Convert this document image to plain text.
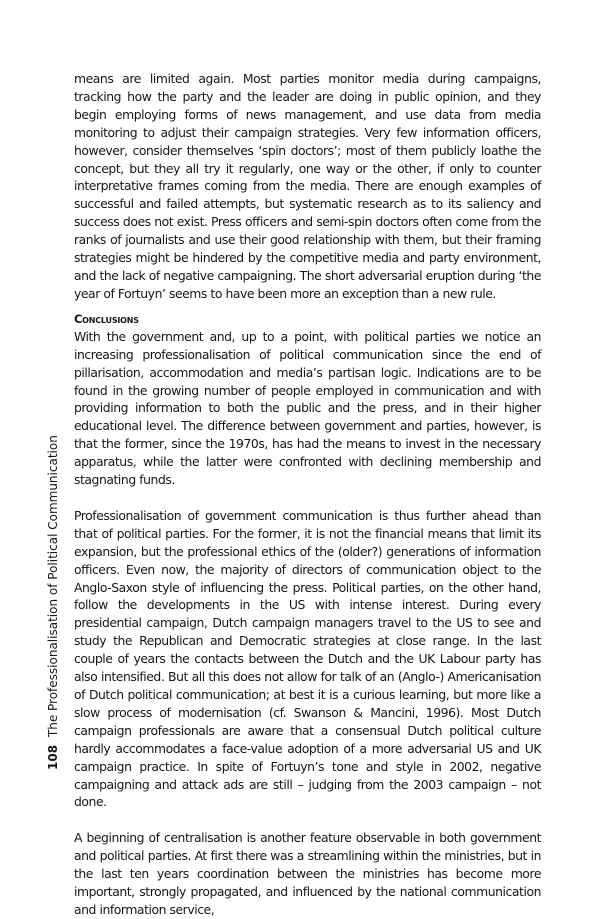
means are limited again. Most parties monitor media during campaigns, tracking how the party and the leader are doing in public opinion, and they begin employing forms of news management, and use data from media monitoring to adjust their campaign strategies. Very few information officers, however, consider themselves ‘spin doctors’; most of them publicly loathe the concept, but they all try it regularly, one way or the other, if only to counter interpretative frames coming from the media. There are enough examples of successful and failed attempts, but systematic research as to its saliency and success does not exist. Press officers and semi-spin doctors often come from the ranks of journalists and use their good relationship with them, but their framing strategies might be hindered by the competitive media and party environment, and the lack of negative campaigning. The short adversarial eruption during ‘the year of Fortuyn’ seems to have been more an exception than a new rule.

Conclusions

With the government and, up to a point, with political parties we notice an increasing professionalisation of political communication since the end of pillarisation, accommodation and media’s partisan logic. Indications are to be found in the growing number of people employed in communication and with providing information to both the public and the press, and in their higher educational level. The difference between government and parties, however, is that the former, since the 1970s, has had the means to invest in the necessary apparatus, while the latter were confronted with declining membership and stagnating funds.

Professionalisation of government communication is thus further ahead than that of political parties. For the former, it is not the financial means that limit its expansion, but the professional ethics of the (older?) generations of information officers. Even now, the majority of directors of communication object to the Anglo-Saxon style of influencing the press. Political parties, on the other hand, follow the developments in the US with intense interest. During every presidential campaign, Dutch campaign managers travel to the US to see and study the Republican and Democratic strategies at close range. In the last couple of years the contacts between the Dutch and the UK Labour party has also intensified. But all this does not allow for talk of an (Anglo-) Americanisation of Dutch political communication; at best it is a curious learning, but more like a slow process of modernisation (cf. Swanson & Mancini, 1996). Most Dutch campaign professionals are aware that a consensual Dutch political culture hardly accommodates a face-value adoption of a more adversarial US and UK campaign practice. In spite of Fortuyn’s tone and style in 2002, negative campaigning and attack ads are still – judging from the 2003 campaign – not done.

A beginning of centralisation is another feature observable in both government and political parties. At first there was a streamlining within the ministries, but in the last ten years coordination between the ministries has become more important, strongly propagated, and influenced by the national communication and information service,

108 The Professionalisation of Political Communication
